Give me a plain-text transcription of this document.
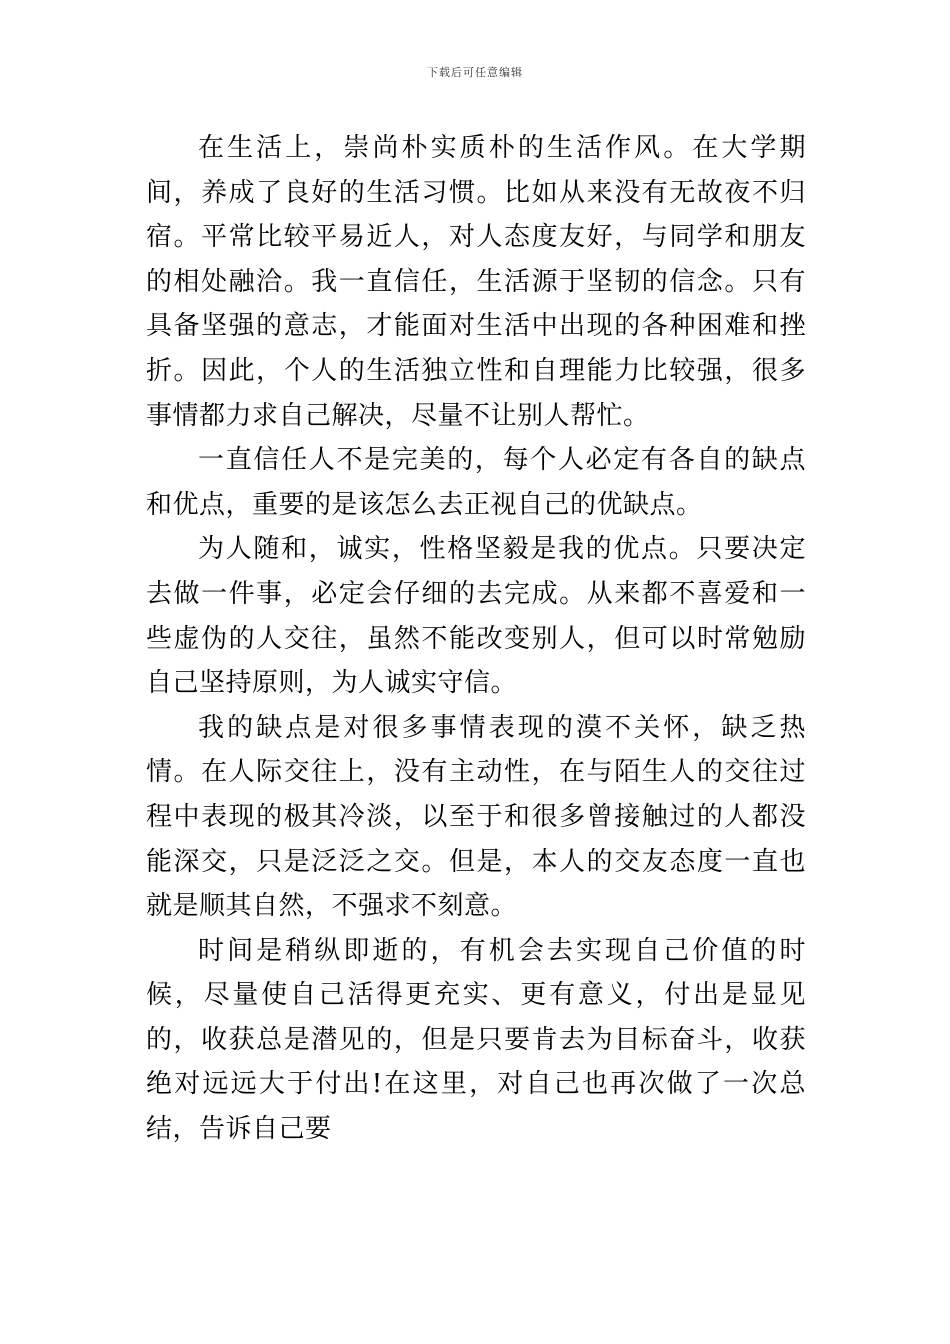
下载后可任意编辑

在生活上，崇尚朴实质朴的生活作风。在大学期间，养成了良好的生活习惯。比如从来没有无故夜不归宿。平常比较平易近人，对人态度友好，与同学和朋友的相处融洽。我一直信任，生活源于坚韧的信念。只有具备坚强的意志，才能面对生活中出现的各种困难和挫折。因此，个人的生活独立性和自理能力比较强，很多事情都力求自己解决，尽量不让别人帮忙。

一直信任人不是完美的，每个人必定有各自的缺点和优点，重要的是该怎么去正视自己的优缺点。

为人随和，诚实，性格坚毅是我的优点。只要决定去做一件事，必定会仔细的去完成。从来都不喜爱和一些虚伪的人交往，虽然不能改变别人，但可以时常勉励自己坚持原则，为人诚实守信。

我的缺点是对很多事情表现的漠不关怀，缺乏热情。在人际交往上，没有主动性，在与陌生人的交往过程中表现的极其冷淡，以至于和很多曾接触过的人都没能深交，只是泛泛之交。但是，本人的交友态度一直也就是顺其自然，不强求不刻意。

时间是稍纵即逝的，有机会去实现自己价值的时候，尽量使自己活得更充实、更有意义，付出是显见的，收获总是潜见的，但是只要肯去为目标奋斗，收获绝对远远大于付出!在这里，对自己也再次做了一次总结，告诉自己要
